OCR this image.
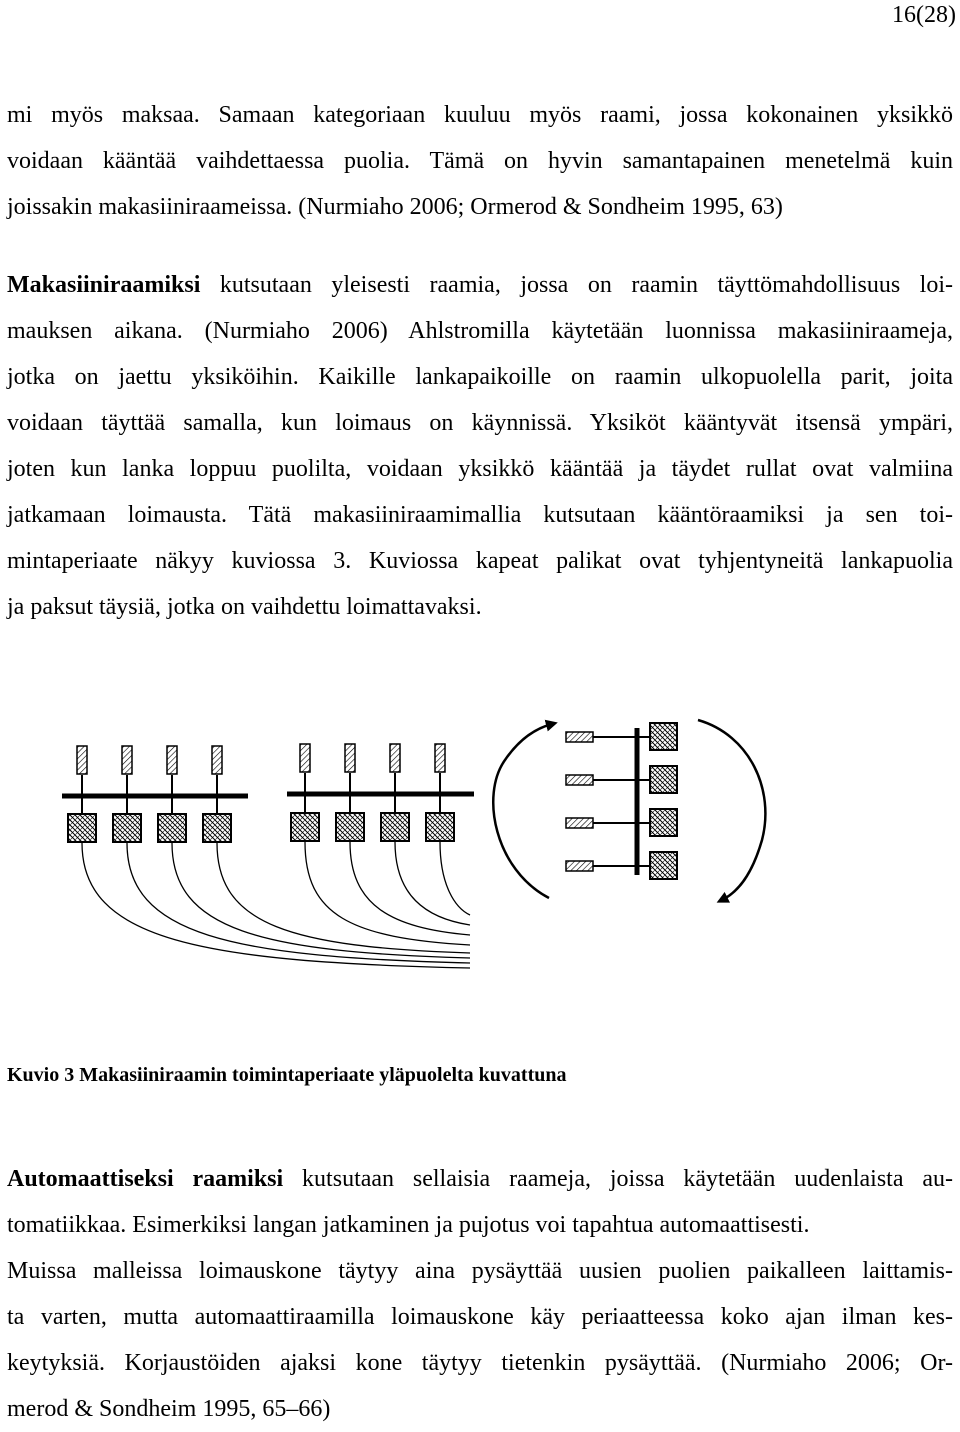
16(28)

mi myös maksaa. Samaan kategoriaan kuuluu myös raami, jossa kokonainen yksikkö
voidaan kääntää vaihdettaessa puolia. Tämä on hyvin samantapainen menetelmä kuin
joissakin makasiiniraameissa. (Nurmiaho 2006; Ormerod & Sondheim 1995, 63)

Makasiiniraamiksi kutsutaan yleisesti raamia, jossa on raamin täyttömahdollisuus loi-
mauksen aikana. (Nurmiaho 2006) Ahlstromilla käytetään luonnissa makasiiniraameja,
jotka on jaettu yksiköihin. Kaikille lankapaikoille on raamin ulkopuolella parit, joita
voidaan täyttää samalla, kun loimaus on käynnissä. Yksiköt kääntyvät itsensä ympäri,
joten kun lanka loppuu puolilta, voidaan yksikkö kääntää ja täydet rullat ovat valmiina
jatkamaan loimausta. Tätä makasiiniraamimallia kutsutaan kääntöraamiksi ja sen toi-
mintaperiaate näkyy kuviossa 3. Kuviossa kapeat palikat ovat tyhjentyneitä lankapuolia
ja paksut täysiä, jotka on vaihdettu loimattavaksi.

Kuvio 3 Makasiiniraamin toimintaperiaate yläpuolelta kuvattuna

Automaattiseksi raamiksi kutsutaan sellaisia raameja, joissa käytetään uudenlaista au-
tomatiikkaa. Esimerkiksi langan jatkaminen ja pujotus voi tapahtua automaattisesti.
Muissa malleissa loimauskone täytyy aina pysäyttää uusien puolien paikalleen laittamis-
ta varten, mutta automaattiraamilla loimauskone käy periaatteessa koko ajan ilman kes-
keytyksiä. Korjaustöiden ajaksi kone täytyy tietenkin pysäyttää. (Nurmiaho 2006; Or-
merod & Sondheim 1995, 65–66)
